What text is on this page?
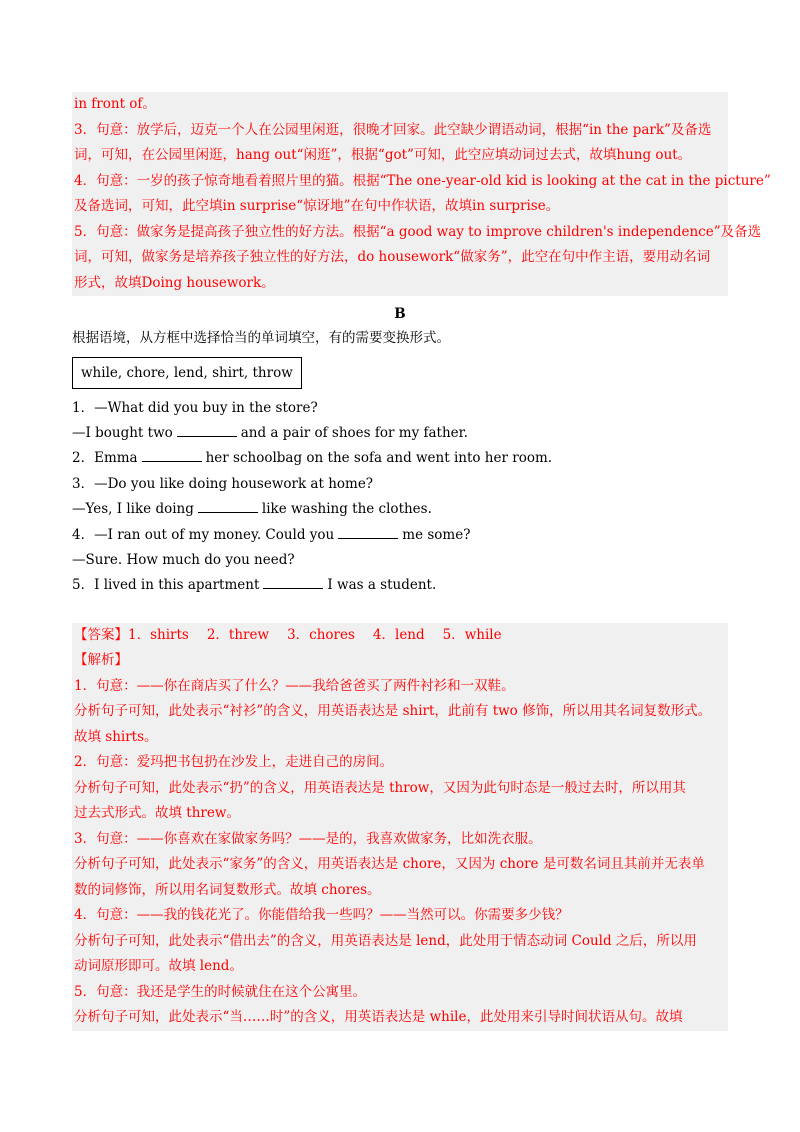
in front of。
3．句意：放学后，迈克一个人在公园里闲逛，很晚才回家。此空缺少谓语动词，根据“in the park”及备选
词，可知，在公园里闲逛，hang out“闲逛”，根据“got”可知，此空应填动词过去式，故填hung out。
4．句意：一岁的孩子惊奇地看着照片里的猫。根据“The one-year-old kid is looking at the cat in the picture”
及备选词，可知，此空填in surprise“惊讶地”在句中作状语，故填in surprise。
5．句意：做家务是提高孩子独立性的好方法。根据“a good way to improve children's independence”及备选
词，可知，做家务是培养孩子独立性的好方法，do housework“做家务”，此空在句中作主语，要用动名词
形式，故填Doing housework。
B
根据语境，从方框中选择恰当的单词填空，有的需要变换形式。
while, chore, lend, shirt, throw
1．—What did you buy in the store?
—I bought two	and a pair of shoes for my father.
2．Emma	her schoolbag on the sofa and went into her room.
3．—Do you like doing housework at home?
—Yes, I like doing	like washing the clothes.
4．—I ran out of my money. Could you	me some?
—Sure. How much do you need?
5．I lived in this apartment	I was a student.
【答案】1．shirts 2．threw 3．chores 4．lend 5．while
【解析】
1．句意：——你在商店买了什么？——我给爸爸买了两件衬衫和一双鞋。
分析句子可知，此处表示“衬衫”的含义，用英语表达是 shirt，此前有 two 修饰，所以用其名词复数形式。
故填 shirts。
2．句意：爱玛把书包扔在沙发上，走进自己的房间。
分析句子可知，此处表示“扔”的含义，用英语表达是 throw，又因为此句时态是一般过去时，所以用其
过去式形式。故填 threw。
3．句意：——你喜欢在家做家务吗？——是的，我喜欢做家务，比如洗衣服。
分析句子可知，此处表示“家务”的含义，用英语表达是 chore，又因为 chore 是可数名词且其前并无表单
数的词修饰，所以用名词复数形式。故填 chores。
4．句意：——我的钱花光了。你能借给我一些吗？——当然可以。你需要多少钱？
分析句子可知，此处表示“借出去”的含义，用英语表达是 lend，此处用于情态动词 Could 之后，所以用
动词原形即可。故填 lend。
5．句意：我还是学生的时候就住在这个公寓里。
分析句子可知，此处表示“当……时”的含义，用英语表达是 while，此处用来引导时间状语从句。故填
